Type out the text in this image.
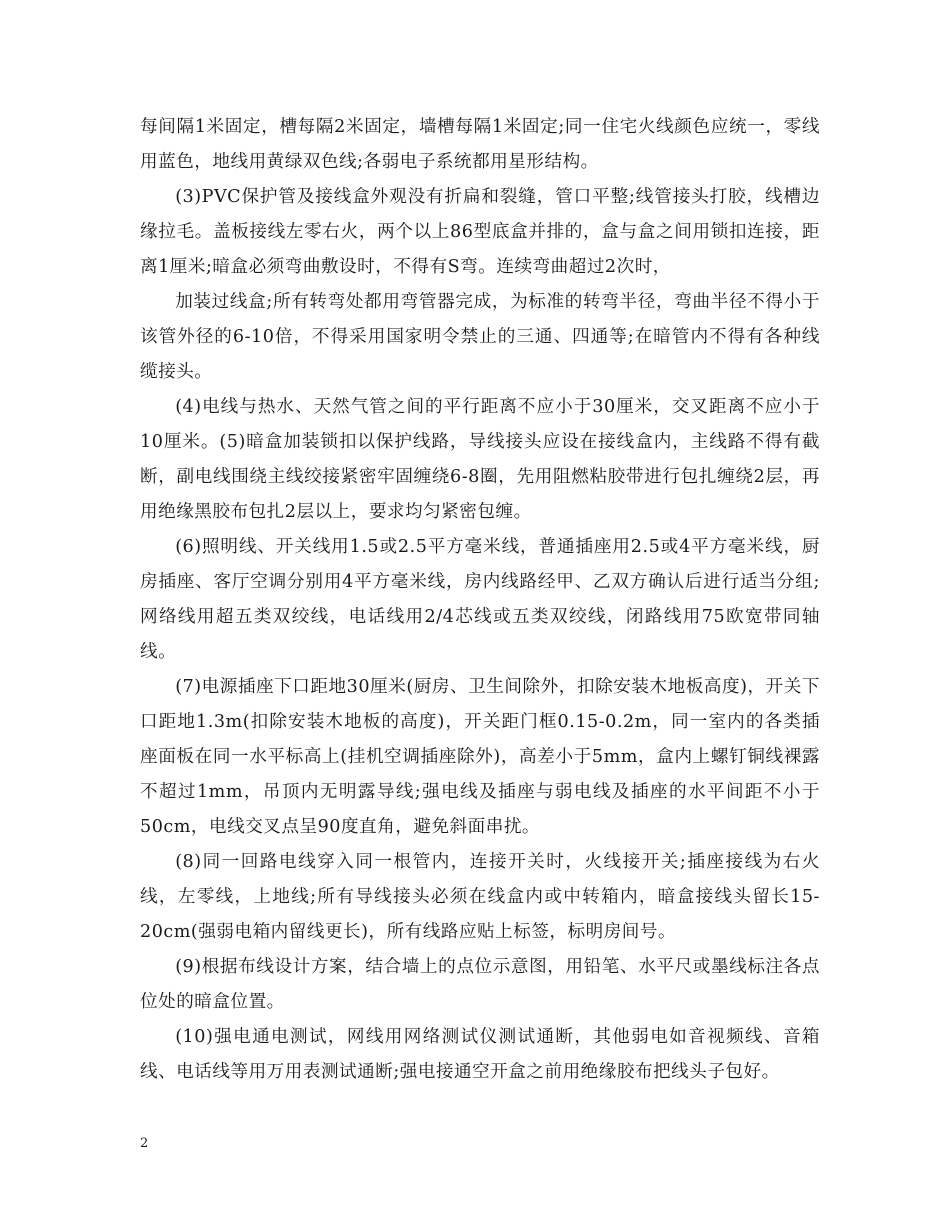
每间隔1米固定，槽每隔2米固定，墙槽每隔1米固定;同一住宅火线颜色应统一，零线用蓝色，地线用黄绿双色线;各弱电子系统都用星形结构。

(3)PVC保护管及接线盒外观没有折扁和裂缝，管口平整;线管接头打胶，线槽边缘拉毛。盖板接线左零右火，两个以上86型底盒并排的，盒与盒之间用锁扣连接，距离1厘米;暗盒必须弯曲敷设时，不得有S弯。连续弯曲超过2次时，

加装过线盒;所有转弯处都用弯管器完成，为标准的转弯半径，弯曲半径不得小于该管外径的6-10倍，不得采用国家明令禁止的三通、四通等;在暗管内不得有各种线缆接头。

(4)电线与热水、天然气管之间的平行距离不应小于30厘米，交叉距离不应小于10厘米。(5)暗盒加装锁扣以保护线路，导线接头应设在接线盒内，主线路不得有截断，副电线围绕主线绞接紧密牢固缠绕6-8圈，先用阻燃粘胶带进行包扎缠绕2层，再用绝缘黑胶布包扎2层以上，要求均匀紧密包缠。

(6)照明线、开关线用1.5或2.5平方毫米线，普通插座用2.5或4平方毫米线，厨房插座、客厅空调分别用4平方毫米线，房内线路经甲、乙双方确认后进行适当分组;网络线用超五类双绞线，电话线用2/4芯线或五类双绞线，闭路线用75欧宽带同轴线。

(7)电源插座下口距地30厘米(厨房、卫生间除外，扣除安装木地板高度)，开关下口距地1.3m(扣除安装木地板的高度)，开关距门框0.15-0.2m，同一室内的各类插座面板在同一水平标高上(挂机空调插座除外)，高差小于5mm，盒内上螺钉铜线裸露不超过1mm，吊顶内无明露导线;强电线及插座与弱电线及插座的水平间距不小于50cm，电线交叉点呈90度直角，避免斜面串扰。

(8)同一回路电线穿入同一根管内，连接开关时，火线接开关;插座接线为右火线，左零线，上地线;所有导线接头必须在线盒内或中转箱内，暗盒接线头留长15-20cm(强弱电箱内留线更长)，所有线路应贴上标签，标明房间号。

(9)根据布线设计方案，结合墙上的点位示意图，用铅笔、水平尺或墨线标注各点位处的暗盒位置。

(10)强电通电测试，网线用网络测试仪测试通断，其他弱电如音视频线、音箱线、电话线等用万用表测试通断;强电接通空开盒之前用绝缘胶布把线头子包好。

2
